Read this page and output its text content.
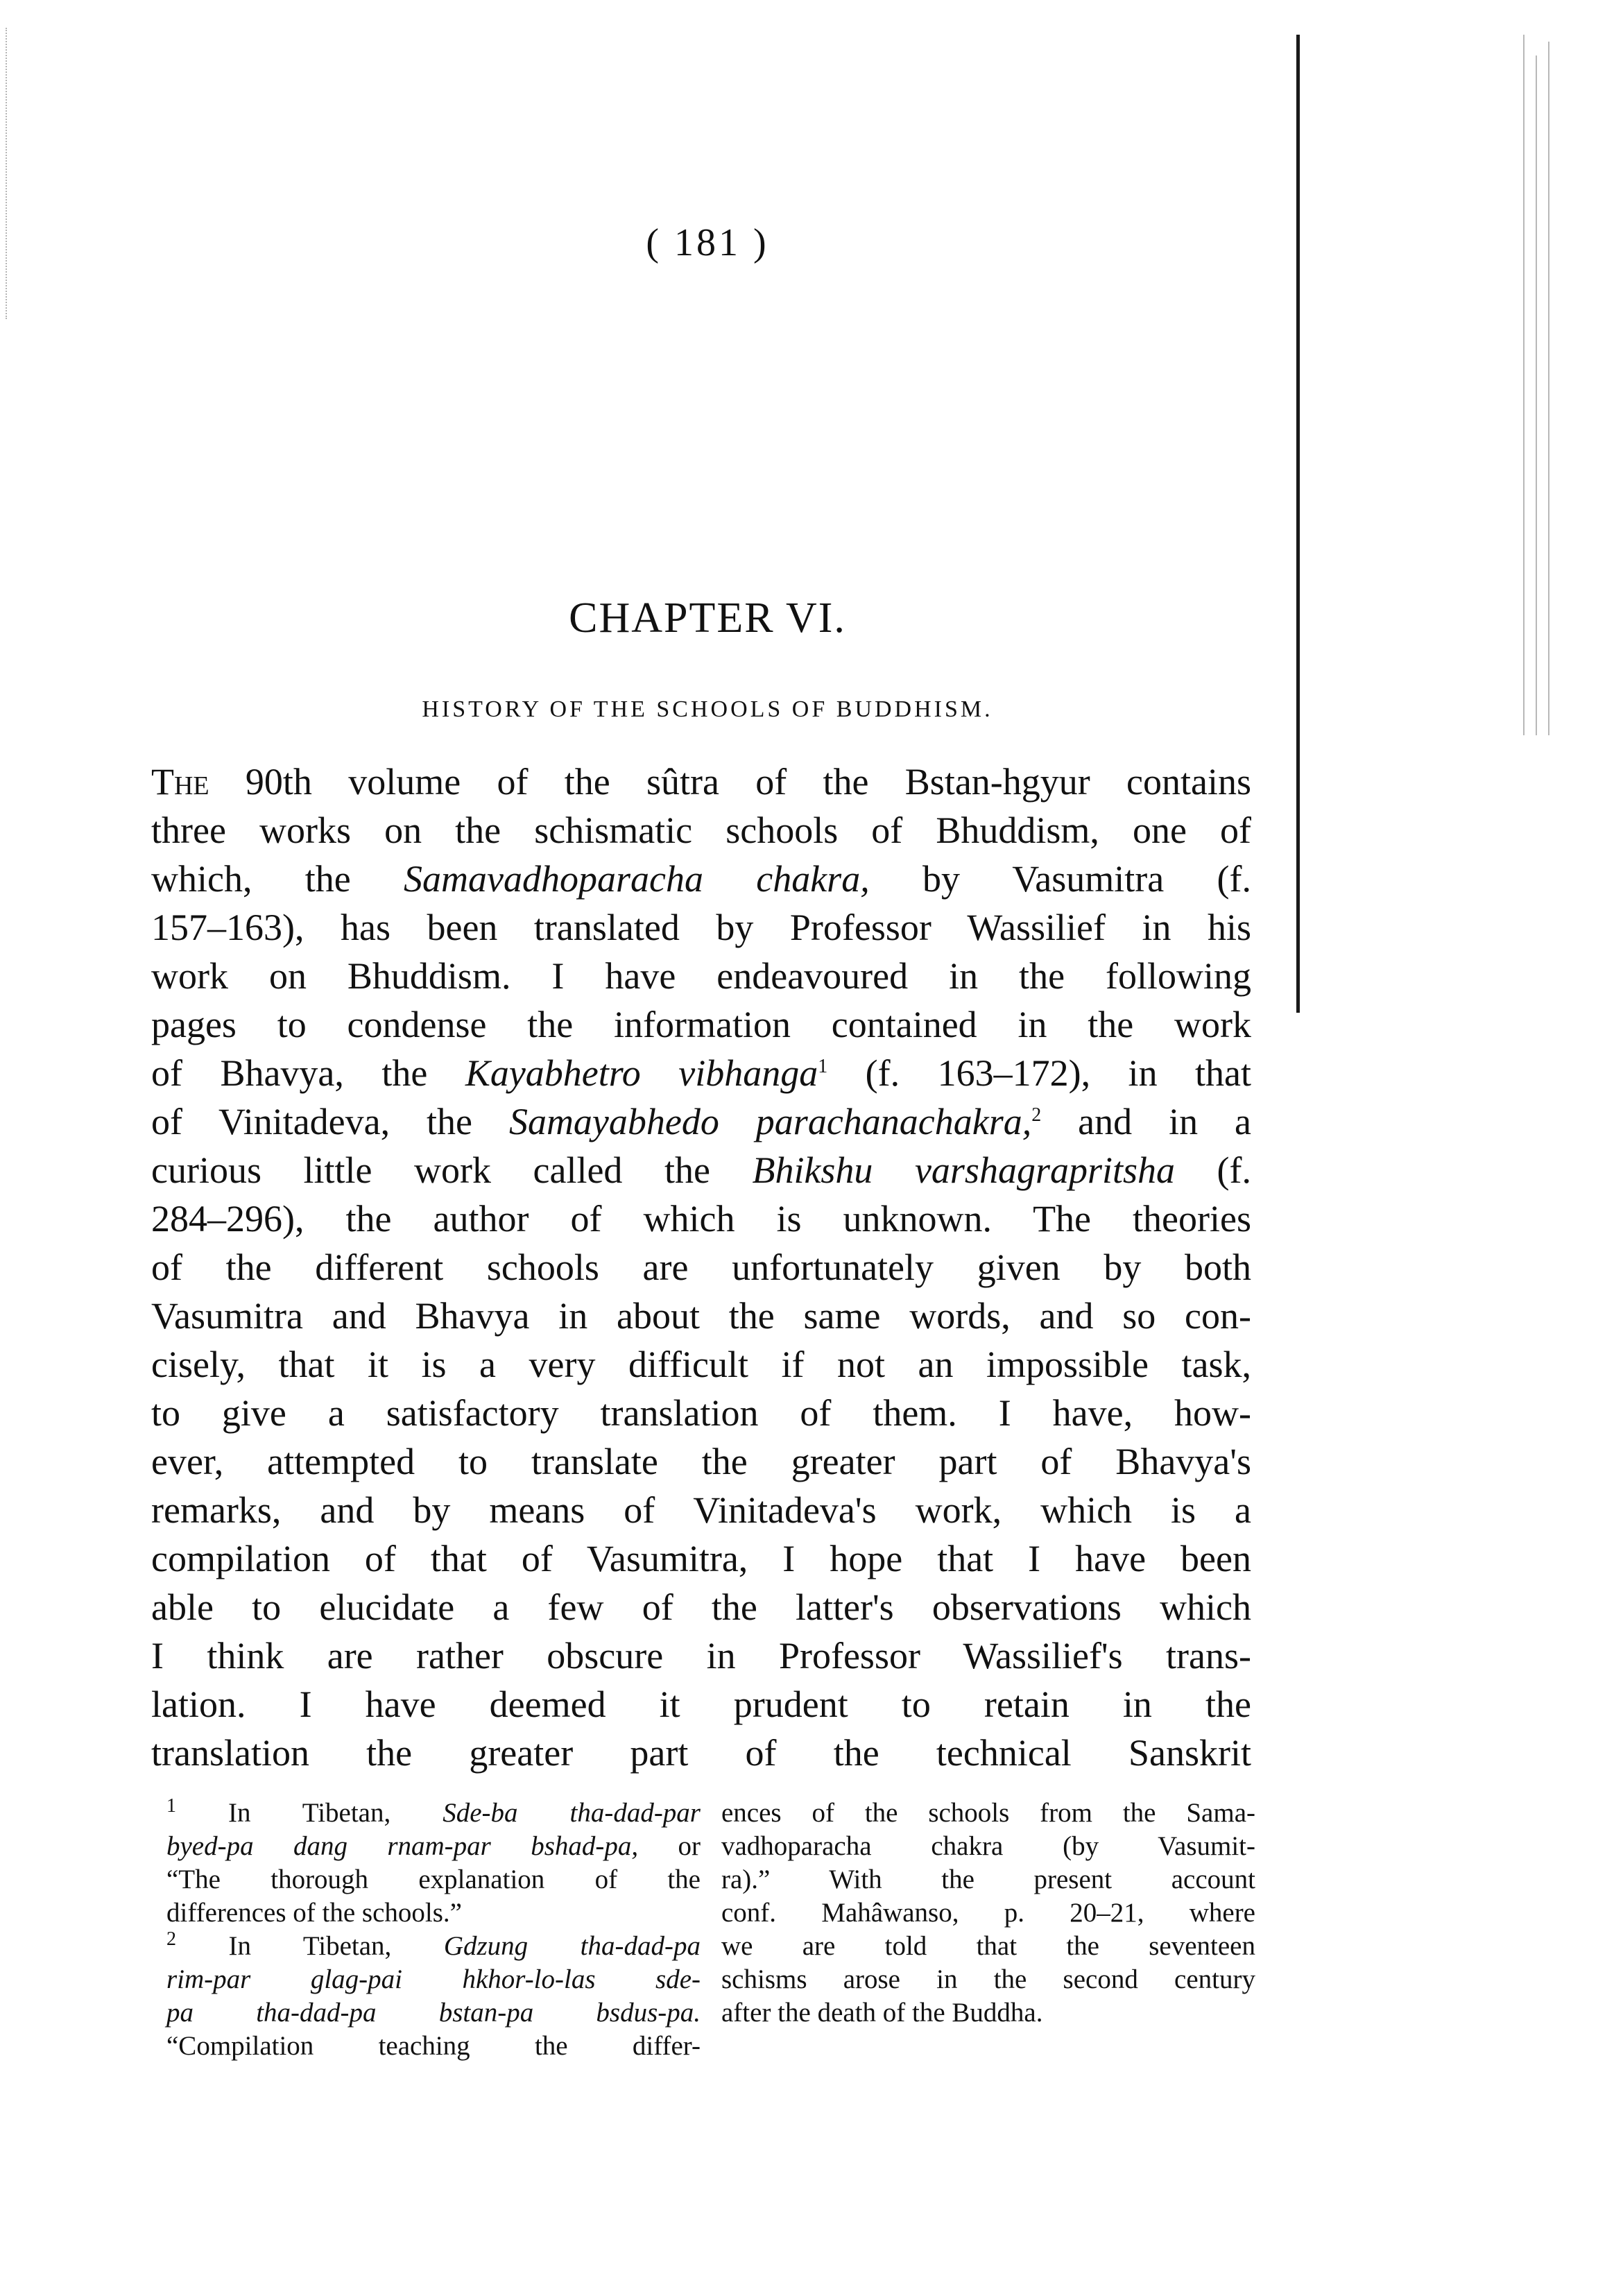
( 181 )
CHAPTER VI.
HISTORY OF THE SCHOOLS OF BUDDHISM.
The 90th volume of the sûtra of the Bstan-hgyur contains
three works on the schismatic schools of Bhuddism, one of
which, the Samavadhoparacha chakra, by Vasumitra (f.
157–163), has been translated by Professor Wassilief in his
work on Bhuddism. I have endeavoured in the following
pages to condense the information contained in the work
of Bhavya, the Kayabhetro vibhanga$^1$ (f. 163–172), in that
of Vinitadeva, the Samayabhedo parachanachakra,$^2$ and in a
curious little work called the Bhikshu varshagrapritsha (f.
284–296), the author of which is unknown. The theories
of the different schools are unfortunately given by both
Vasumitra and Bhavya in about the same words, and so con-
cisely, that it is a very difficult if not an impossible task,
to give a satisfactory translation of them. I have, how-
ever, attempted to translate the greater part of Bhavya's
remarks, and by means of Vinitadeva's work, which is a
compilation of that of Vasumitra, I hope that I have been
able to elucidate a few of the latter's observations which
I think are rather obscure in Professor Wassilief's trans-
lation. I have deemed it prudent to retain in the
translation the greater part of the technical Sanskrit
$^1$ In Tibetan, Sde-ba tha-dad-par
byed-pa dang rnam-par bshad-pa, or
“The thorough explanation of the
differences of the schools.”
$^2$ In Tibetan, Gdzung tha-dad-pa
rim-par glag-pai hkhor-lo-las sde-
pa tha-dad-pa bstan-pa bsdus-pa.
“Compilation teaching the differ-
ences of the schools from the Sama-
vadhoparacha chakra (by Vasumit-
ra).” With the present account
conf. Mahâwanso, p. 20–21, where
we are told that the seventeen
schisms arose in the second century
after the death of the Buddha.
